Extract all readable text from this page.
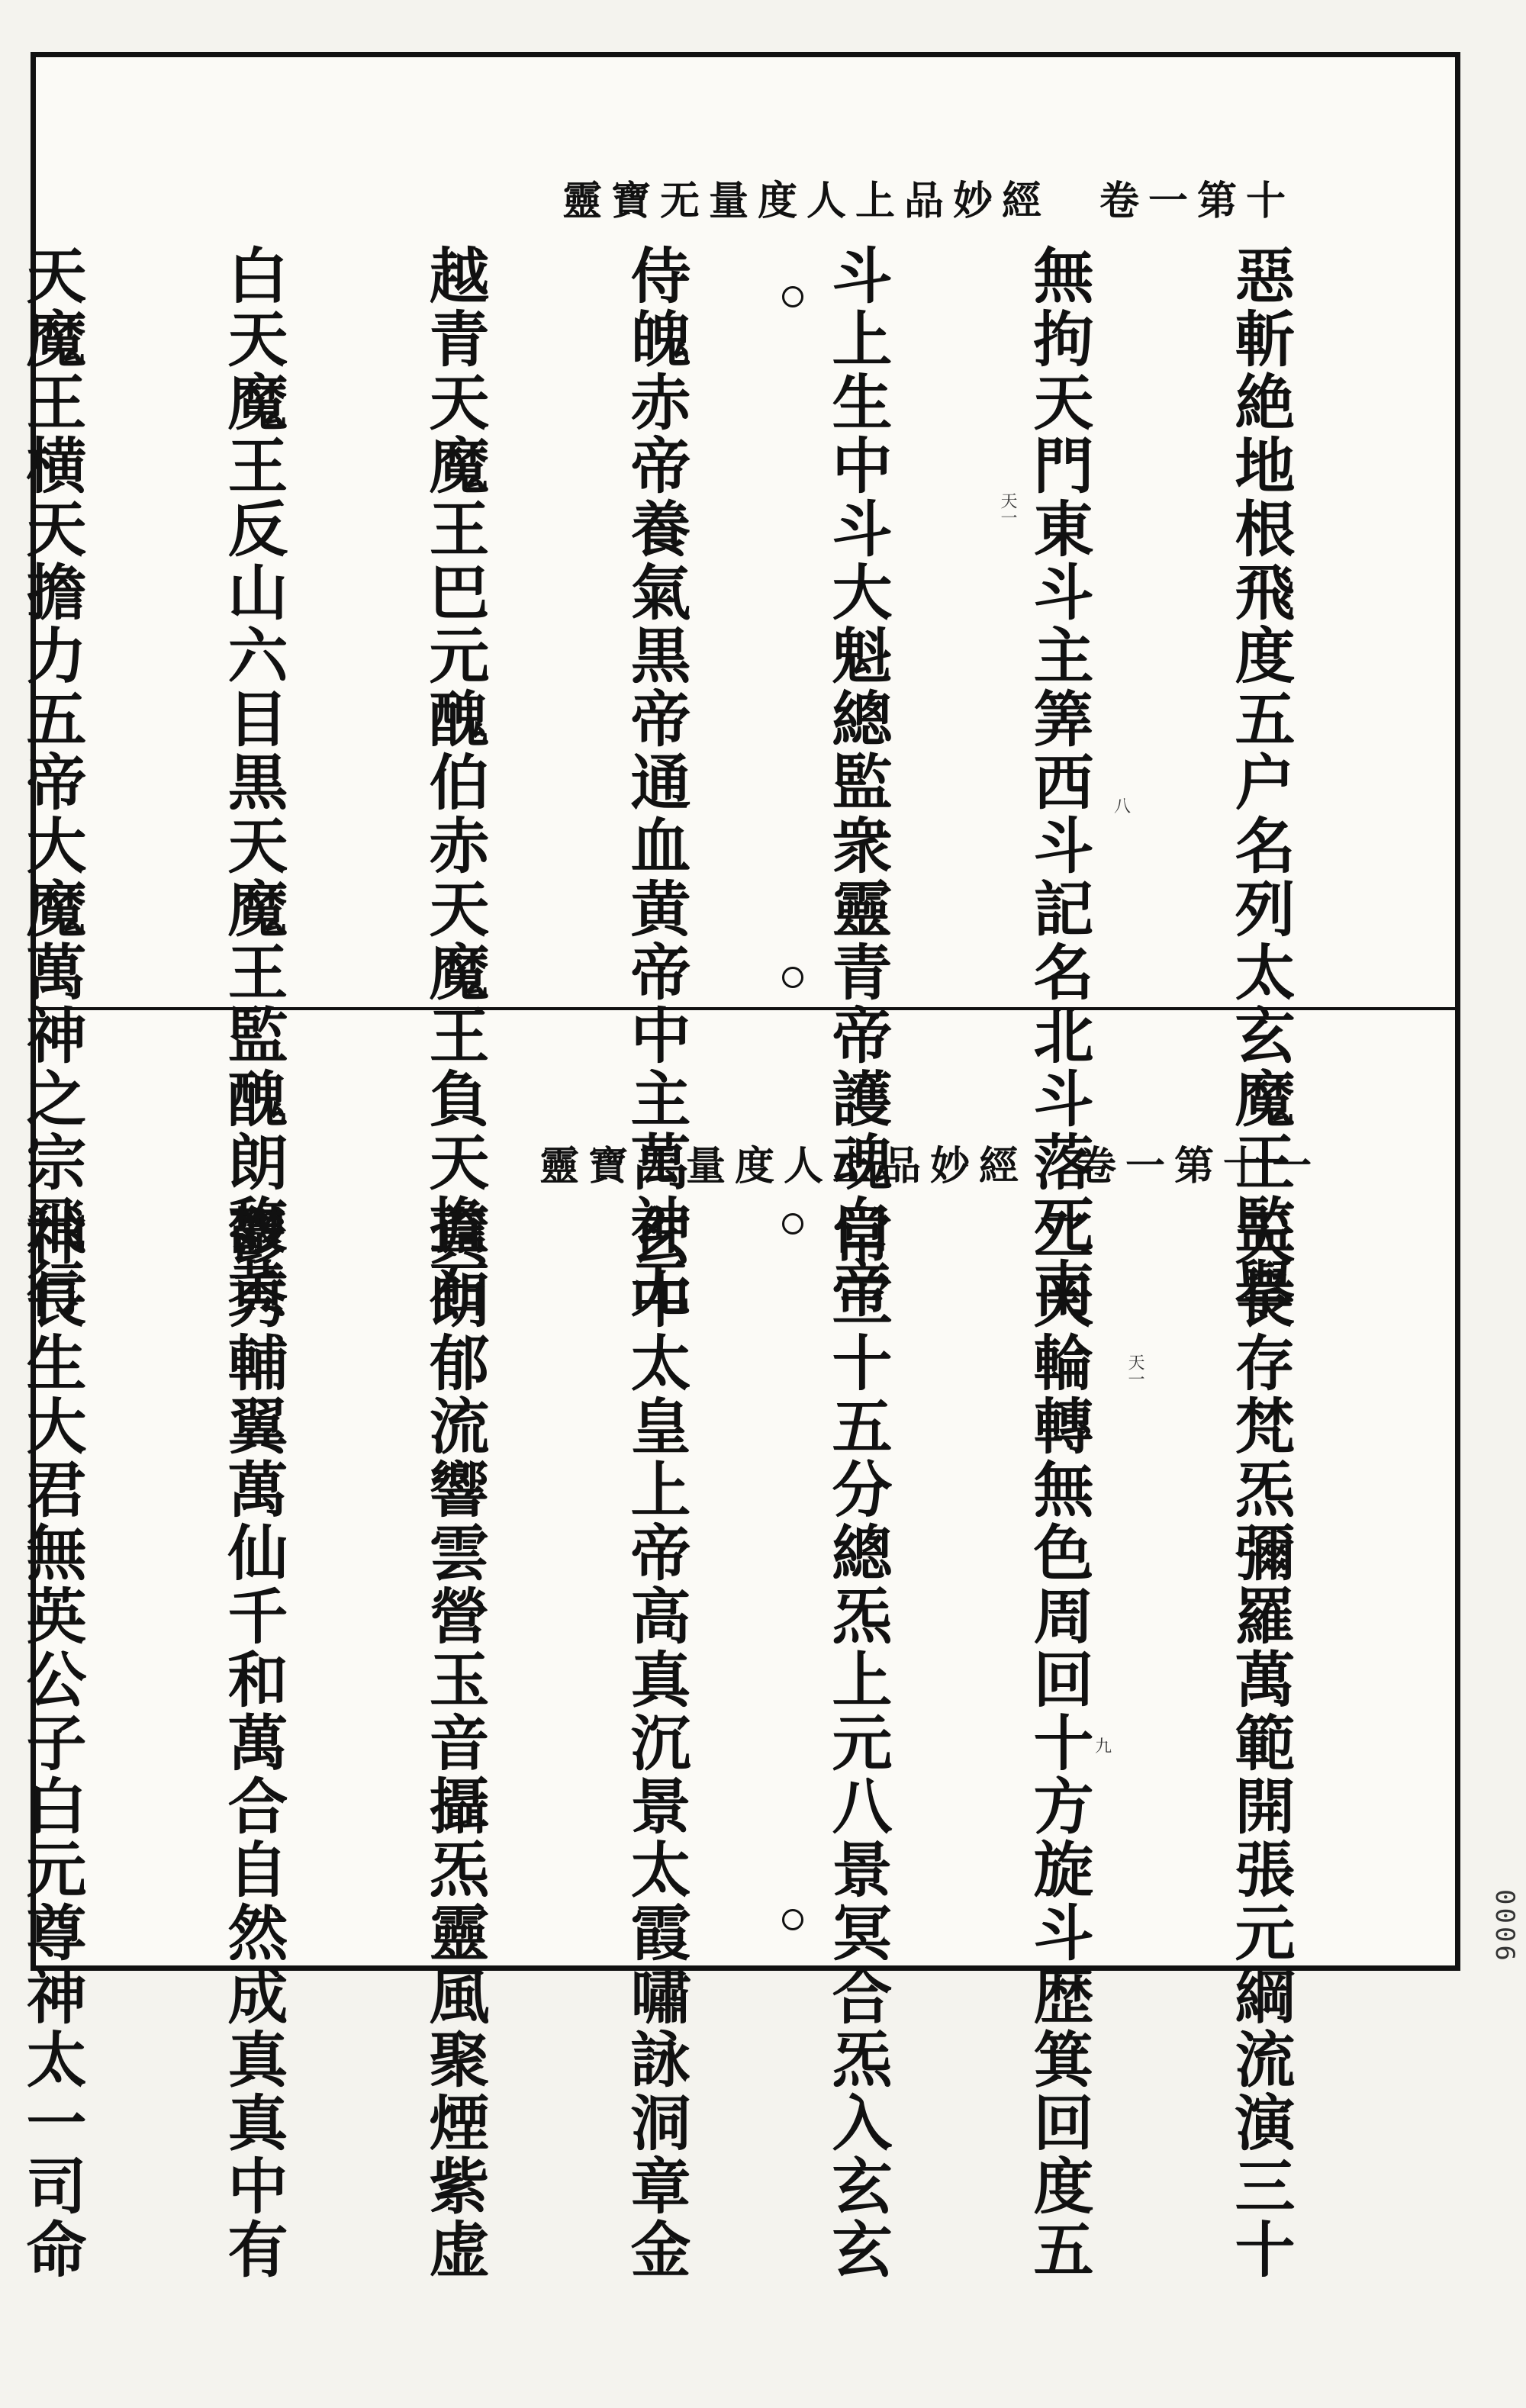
靈寶无量度人上品妙經　卷一第十

惡斬絶地根飛度五户名列太玄魔王監擧

無拘天門東斗主筭西斗記名北斗落死南

斗上生中斗大魁總監衆靈青帝護魂白帝

侍魄赤帝養氣黒帝通血黄帝中主萬神无

越青天魔王巴元醜伯赤天魔王負天擔石

白天魔王反山六目黒天魔王監醜朗馥黄

天魔王横天擔力五帝大魔萬神之宗飛行

	天一
八
靈寶无量度人上品妙經　卷一第十一

天長存梵炁彌羅萬範開張元綱流演三十

二天輪轉無色周回十方旋斗歴箕回度五

常三十五分總炁上元八景冥合炁入玄玄

玄中太皇上帝高真沉景太霞嘯詠洞章金

真朗郁流響雲營玉音攝炁靈風聚煙紫虚

鬱秀輔翼萬仙千和萬合自然成真真中有

神長生大君無英公子白元尊神太一司命

	天一
九
0006
